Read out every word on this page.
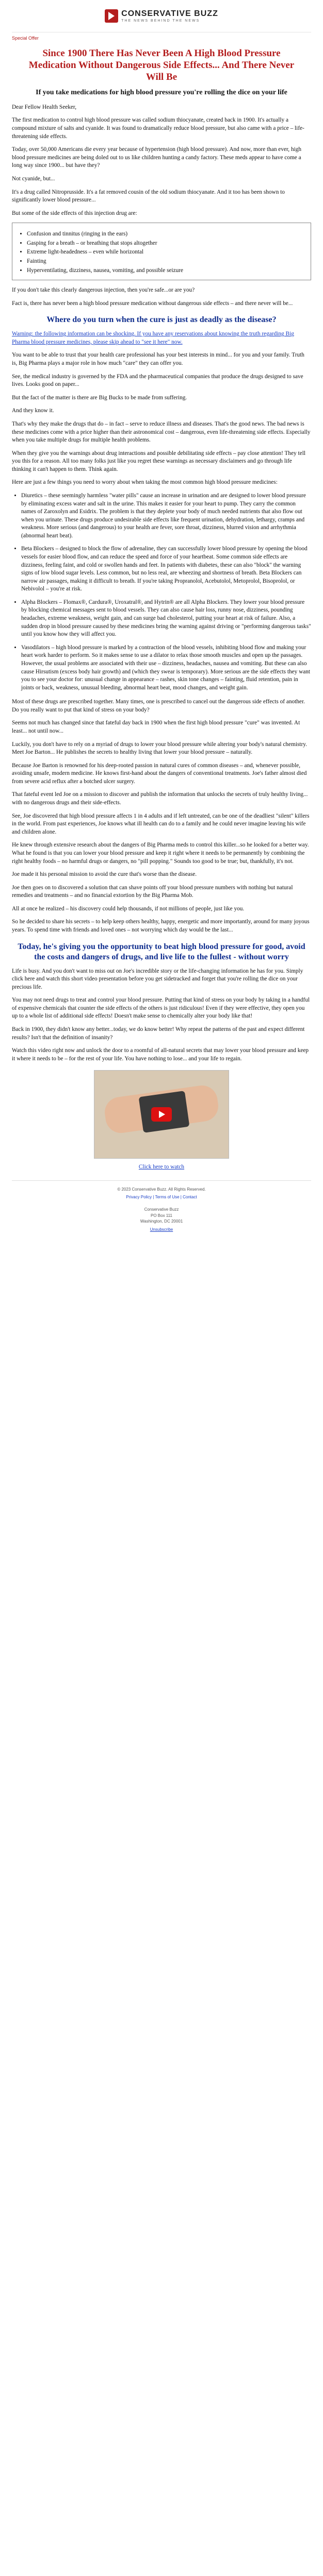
CONSERVATIVE BUZZ
THE NEWS BEHIND THE NEWS
Special Offer
Since 1900 There Has Never Been A High Blood Pressure Medication Without Dangerous Side Effects... And There Never Will Be
If you take medications for high blood pressure you're rolling the dice on your life

Dear Fellow Health Seeker,

The first medication to control high blood pressure was called sodium thiocyanate, created back in 1900. It's actually a compound mixture of salts and cyanide. It was found to dramatically reduce blood pressure, but also came with a price – life-threatening side effects.

Today, over 50,000 Americans die every year because of hypertension (high blood pressure). And now, more than ever, high blood pressure medicines are being doled out to us like children hunting a candy factory. These meds appear to have come a long way since 1900... but have they?

Not cyanide, but...

It's a drug called Nitroprusside. It's a fat removed cousin of the old sodium thiocyanate. And it too has been shown to significantly lower blood pressure...

But some of the side effects of this injection drug are:

• Confusion and tinnitus (ringing in the ears)
• Gasping for a breath – or breathing that stops altogether
• Extreme light-headedness – even while horizontal
• Fainting
• Hyperventilating, dizziness, nausea, vomiting, and possible seizure

If you don't take this clearly dangerous injection, then you're safe...or are you?

Fact is, there has never been a high blood pressure medication without dangerous side effects – and there never will be...

Where do you turn when the cure is just as deadly as the disease?

Warning: the following information can be shocking. If you have any reservations about knowing the truth regarding Big Pharma blood pressure medicines, please skip ahead to "see it here" now.

You want to be able to trust that your health care professional has your best interests in mind... for you and your family. Truth is, Big Pharma plays a major role in how much "care" they can offer you.

See, the medical industry is governed by the FDA and the pharmaceutical companies that produce the drugs designed to save lives. Looks good on paper...

But the fact of the matter is there are Big Bucks to be made from suffering.

And they know it.

That's why they make the drugs that do – in fact – serve to reduce illness and diseases. That's the good news. The bad news is these medicines come with a price higher than their astronomical cost – dangerous, even life-threatening side effects. Especially when you take multiple drugs for multiple health problems.

When they give you the warnings about drug interactions and possible debilitating side effects – pay close attention! They tell you this for a reason. All too many folks just like you regret these warnings as necessary disclaimers and go through life thinking it can't happen to them. Think again.

Here are just a few things you need to worry about when taking the most common high blood pressure medicines:

• Diuretics – these seemingly harmless "water pills" cause an increase in urination and are designed to lower blood pressure by eliminating excess water and salt in the urine. This makes it easier for your heart to pump. They carry the common names of Zaroxolyn and Esidrix. The problem is that they deplete your body of much needed nutrients that also flow out when you urinate. These drugs produce undesirable side effects like frequent urination, dehydration, lethargy, cramps and weakness. More serious (and dangerous) to your health are fever, sore throat, dizziness, blurred vision and arrhythmia (abnormal heart beat).
• Beta Blockers – designed to block the flow of adrenaline, they can successfully lower blood pressure by opening the blood vessels for easier blood flow, and can reduce the speed and force of your heartbeat. Some common side effects are dizziness, feeling faint, and cold or swollen hands and feet. In patients with diabetes, these can also "block" the warning signs of low blood sugar levels. Less common, but no less real, are wheezing and shortness of breath. Beta Blockers can narrow air passages, making it difficult to breath. If you're taking Propranolol, Acebutolol, Metoprolol, Bisoprolol, or Nebivolol – you're at risk.
• Alpha Blockers – Flomax®, Cardura®, Uroxatral®, and Hytrin® are all Alpha Blockers. They lower your blood pressure by blocking chemical messages sent to blood vessels. They can also cause hair loss, runny nose, dizziness, pounding headaches, extreme weakness, weight gain, and can surge bad cholesterol, putting your heart at risk of failure. Also, a sudden drop in blood pressure caused by these medicines bring the warning against driving or "performing dangerous tasks" until you know how they will affect you.
• Vasodilators – high blood pressure is marked by a contraction of the blood vessels, inhibiting blood flow and making your heart work harder to perform. So it makes sense to use a dilator to relax those smooth muscles and open up the passages. However, the usual problems are associated with their use – dizziness, headaches, nausea and vomiting. But these can also cause Hirsutism (excess body hair growth) and (which they swear is temporary). More serious are the side effects they want you to see your doctor for: unusual change in appearance – rashes, skin tone changes – fainting, fluid retention, pain in joints or back, weakness, unusual bleeding, abnormal heart beat, mood changes, and weight gain.

Most of these drugs are prescribed together. Many times, one is prescribed to cancel out the dangerous side effects of another. Do you really want to put that kind of stress on your body?

Seems not much has changed since that fateful day back in 1900 when the first high blood pressure "cure" was invented. At least... not until now...

Luckily, you don't have to rely on a myriad of drugs to lower your blood pressure while altering your body's natural chemistry. Meet Joe Barton... He publishes the secrets to healthy living that lower your blood pressure – naturally.

Because Joe Barton is renowned for his deep-rooted passion in natural cures of common diseases – and, whenever possible, avoiding unsafe, modern medicine. He knows first-hand about the dangers of conventional treatments. Joe's father almost died from severe acid reflux after a botched ulcer surgery.

That fateful event led Joe on a mission to discover and publish the information that unlocks the secrets of truly healthy living... with no dangerous drugs and their side-effects.

See, Joe discovered that high blood pressure affects 1 in 4 adults and if left untreated, can be one of the deadliest "silent" killers in the world. From past experiences, Joe knows what ill health can do to a family and he could never imagine leaving his wife and children alone.

He knew through extensive research about the dangers of Big Pharma meds to control this killer...so he looked for a better way. What he found is that you can lower your blood pressure and keep it right where it needs to be permanently by combining the right healthy foods – no harmful drugs or dangers, no "pill popping." Sounds too good to be true; but, thankfully, it's not.

Joe made it his personal mission to avoid the cure that's worse than the disease.

Joe then goes on to discovered a solution that can shave points off your blood pressure numbers with nothing but natural remedies and treatments – and no financial extortion by the Big Pharma Mob.

All at once he realized – his discovery could help thousands, if not millions of people, just like you.

So he decided to share his secrets – to help keep others healthy, happy, energetic and more importantly, around for many joyous years. To spend time with friends and loved ones – not worrying which day would be the last...

Today, he's giving you the opportunity to beat high blood pressure for good, avoid the costs and dangers of drugs, and live life to the fullest - without worry

Life is busy. And you don't want to miss out on Joe's incredible story or the life-changing information he has for you. Simply click here and watch this short video presentation before you get sidetracked and forget that you're rolling the dice on your precious life.

You may not need drugs to treat and control your blood pressure. Putting that kind of stress on your body by taking in a handful of expensive chemicals that counter the side effects of the others is just ridiculous! Even if they were effective, they open you up to a whole list of additional side effects! Doesn't make sense to chemically alter your body like that!

Back in 1900, they didn't know any better...today, we do know better! Why repeat the patterns of the past and expect different results? Isn't that the definition of insanity?

Watch this video right now and unlock the door to a roomful of all-natural secrets that may lower your blood pressure and keep it where it needs to be – for the rest of your life. You have nothing to lose... and your life to regain.

Click here to watch
© 2023 Conservative Buzz. All Rights Reserved.
Privacy Policy | Terms of Use | Contact
Conservative Buzz
PO Box 111
Washington, DC 20001
Unsubscribe
